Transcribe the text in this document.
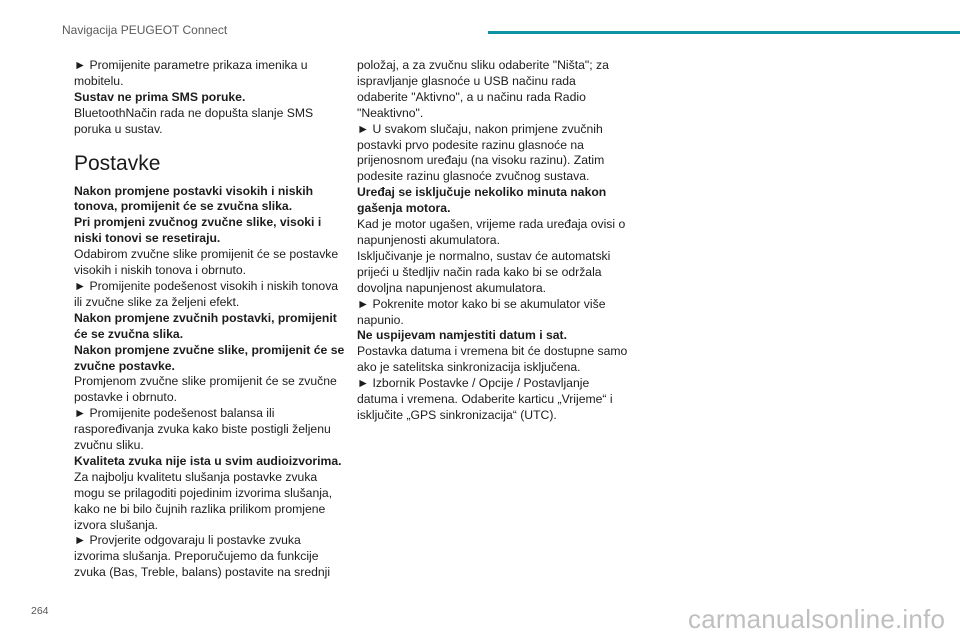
Navigacija PEUGEOT Connect

► Promijenite parametre prikaza imenika u mobitelu.

Sustav ne prima SMS poruke.

BluetoothNačin rada ne dopušta slanje SMS poruka u sustav.

Postavke

Nakon promjene postavki visokih i niskih tonova, promijenit će se zvučna slika.

Pri promjeni zvučnog zvučne slike, visoki i niski tonovi se resetiraju.

Odabirom zvučne slike promijenit će se postavke visokih i niskih tonova i obrnuto.

► Promijenite podešenost visokih i niskih tonova ili zvučne slike za željeni efekt.

Nakon promjene zvučnih postavki, promijenit će se zvučna slika.

Nakon promjene zvučne slike, promijenit će se zvučne postavke.

Promjenom zvučne slike promijenit će se zvučne postavke i obrnuto.

► Promijenite podešenost balansa ili raspoređivanja zvuka kako biste postigli željenu zvučnu sliku.

Kvaliteta zvuka nije ista u svim audioizvorima.

Za najbolju kvalitetu slušanja postavke zvuka mogu se prilagoditi pojedinim izvorima slušanja, kako ne bi bilo čujnih razlika prilikom promjene izvora slušanja.

► Provjerite odgovaraju li postavke zvuka izvorima slušanja. Preporučujemo da funkcije zvuka (Bas, Treble, balans) postavite na srednji

položaj, a za zvučnu sliku odaberite "Ništa"; za ispravljanje glasnoće u USB načinu rada odaberite "Aktivno", a u načinu rada Radio "Neaktivno".

► U svakom slučaju, nakon primjene zvučnih postavki prvo podesite razinu glasnoće na prijenosnom uređaju (na visoku razinu). Zatim podesite razinu glasnoće zvučnog sustava.

Uređaj se isključuje nekoliko minuta nakon gašenja motora.

Kad je motor ugašen, vrijeme rada uređaja ovisi o napunjenosti akumulatora.

Isključivanje je normalno, sustav će automatski prijeći u štedljiv način rada kako bi se održala dovoljna napunjenost akumulatora.

► Pokrenite motor kako bi se akumulator više napunio.

Ne uspijevam namjestiti datum i sat.

Postavka datuma i vremena bit će dostupne samo ako je satelitska sinkronizacija isključena.

► Izbornik Postavke / Opcije / Postavljanje datuma i vremena. Odaberite karticu „Vrijeme“ i isključite „GPS sinkronizacija“ (UTC).

264	carmanualsonline.info
